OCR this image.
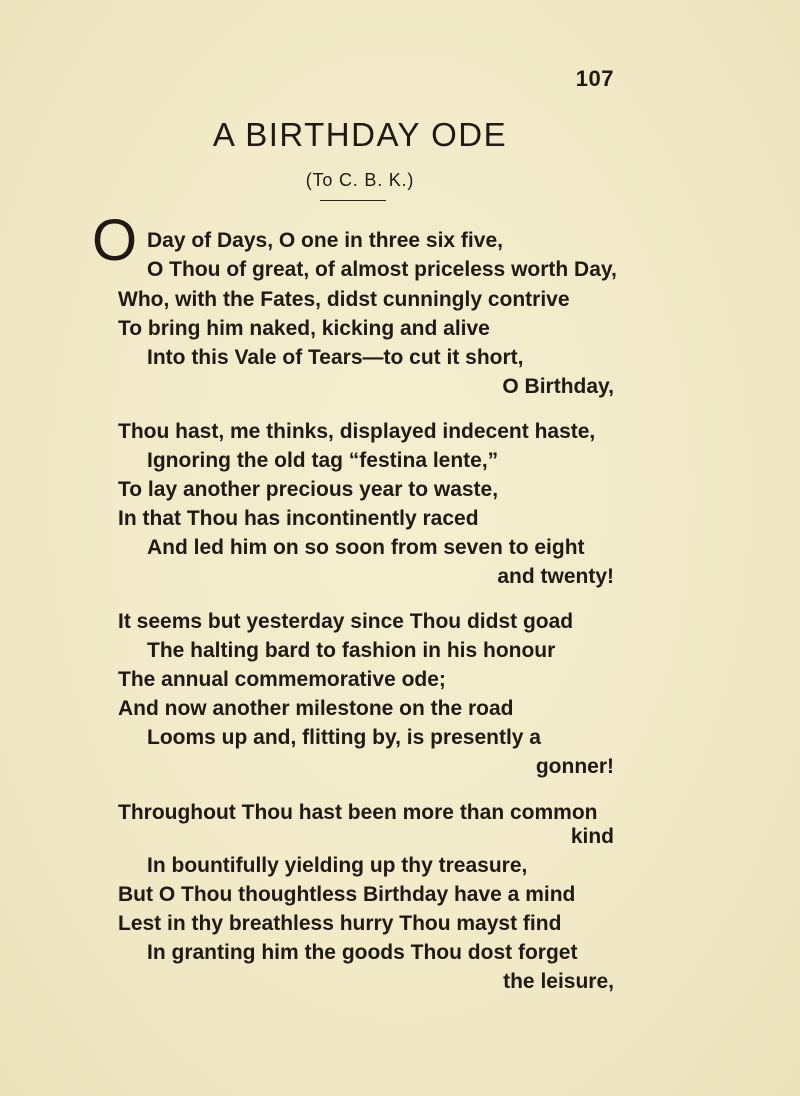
107
A BIRTHDAY ODE
(To C. B. K.)
O Day of Days, O one in three six five,
O Thou of great, of almost priceless worth Day,
Who, with the Fates, didst cunningly contrive
To bring him naked, kicking and alive
Into this Vale of Tears—to cut it short,
O Birthday,
Thou hast, me thinks, displayed indecent haste,
Ignoring the old tag “festina lente,”
To lay another precious year to waste,
In that Thou has incontinently raced
And led him on so soon from seven to eight
and twenty!
It seems but yesterday since Thou didst goad
The halting bard to fashion in his honour
The annual commemorative ode;
And now another milestone on the road
Looms up and, flitting by, is presently a
gonner!
Throughout Thou hast been more than common
kind
In bountifully yielding up thy treasure,
But O Thou thoughtless Birthday have a mind
Lest in thy breathless hurry Thou mayst find
In granting him the goods Thou dost forget
the leisure,
